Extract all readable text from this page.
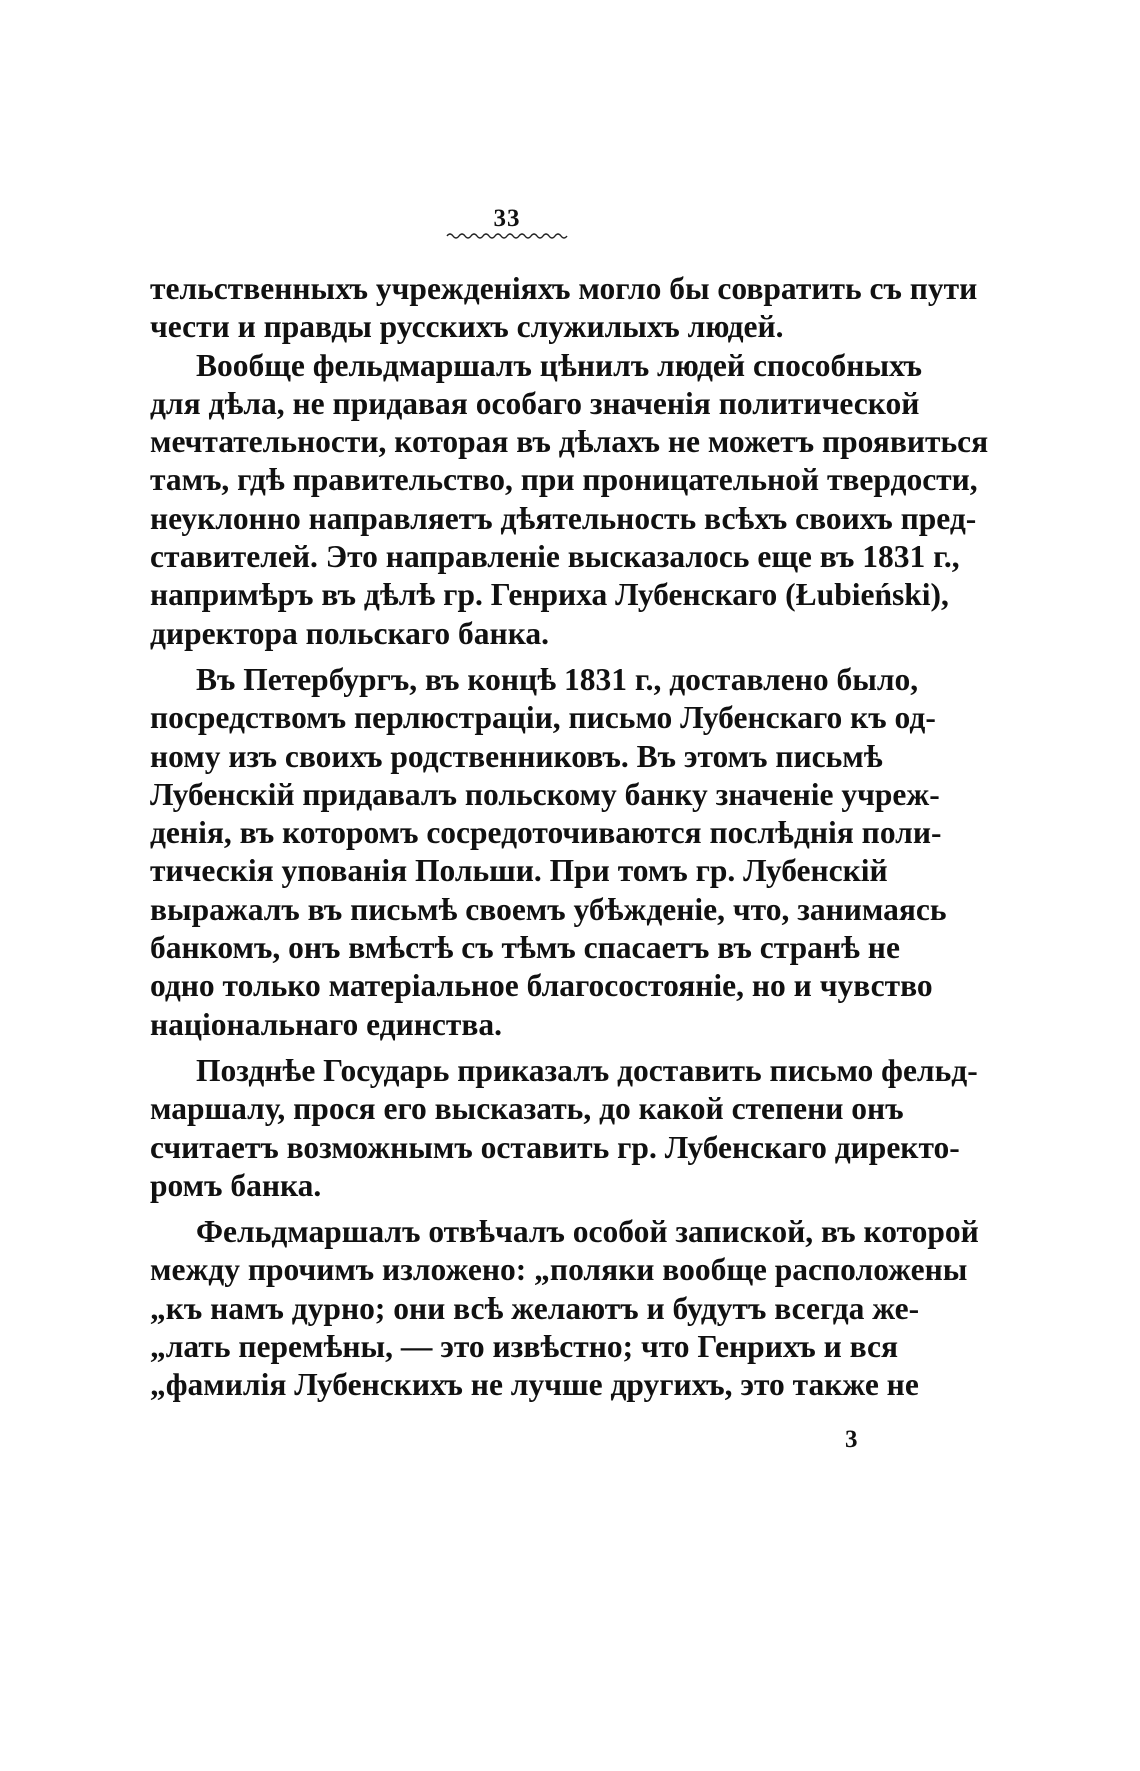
33
тельственныхъ учрежденіяхъ могло бы совратить съ пути
чести и правды русскихъ служилыхъ людей.
Вообще фельдмаршалъ цѣнилъ людей способныхъ
для дѣла, не придавая особаго значенія политической
мечтательности, которая въ дѣлахъ не можетъ проявиться
тамъ, гдѣ правительство, при проницательной твердости,
неуклонно направляетъ дѣятельность всѣхъ своихъ пред-
ставителей. Это направленіе высказалось еще въ 1831 г.,
напримѣръ въ дѣлѣ гр. Генриха Лубенскаго (Łubieński),
директора польскаго банка.
Въ Петербургъ, въ концѣ 1831 г., доставлено было,
посредствомъ перлюстраціи, письмо Лубенскаго къ од-
ному изъ своихъ родственниковъ. Въ этомъ письмѣ
Лубенскій придавалъ польскому банку значеніе учреж-
денія, въ которомъ сосредоточиваются послѣднія поли-
тическія упованія Польши. При томъ гр. Лубенскій
выражалъ въ письмѣ своемъ убѣжденіе, что, занимаясь
банкомъ, онъ вмѣстѣ съ тѣмъ спасаетъ въ странѣ не
одно только матеріальное благосостояніе, но и чувство
національнаго единства.
Позднѣе Государь приказалъ доставить письмо фельд-
маршалу, прося его высказать, до какой степени онъ
считаетъ возможнымъ оставить гр. Лубенскаго директо-
ромъ банка.
Фельдмаршалъ отвѣчалъ особой запиской, въ которой
между прочимъ изложено: „поляки вообще расположены
„къ намъ дурно; они всѣ желаютъ и будутъ всегда же-
„лать перемѣны, — это извѣстно; что Генрихъ и вся
„фамилія Лубенскихъ не лучше другихъ, это также не
3
